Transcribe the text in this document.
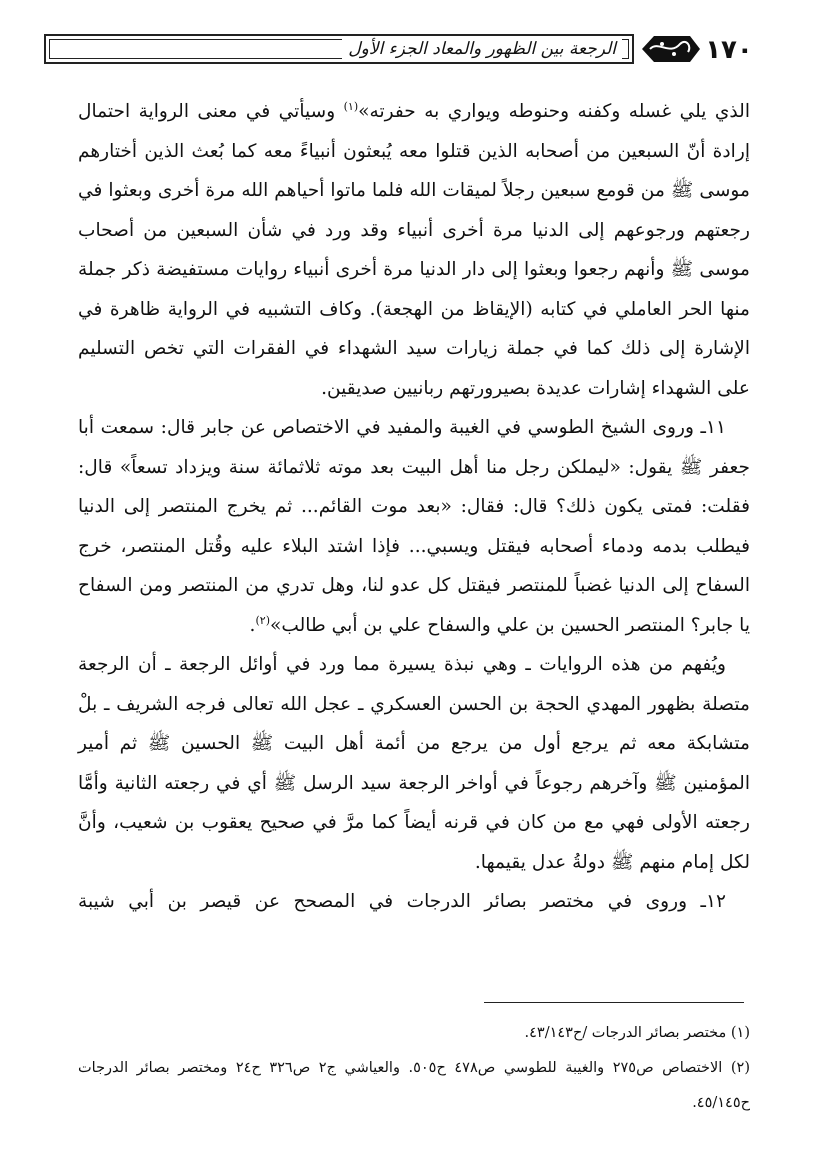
١٧٠
الرجعة بين الظهور والمعاد الجزء الأول

الذي يلي غسله وكفنه وحنوطه ويواري به حفرته»$^{(١)}$ وسيأتي في معنى الرواية احتمال إرادة أنّ السبعين من أصحابه الذين قتلوا معه يُبعثون أنبياءً معه كما بُعث الذين أختارهم موسى ﷺ من قومع سبعين رجلاً لميقات الله فلما ماتوا أحياهم الله مرة أخرى وبعثوا في رجعتهم ورجوعهم إلى الدنيا مرة أخرى أنبياء وقد ورد في شأن السبعين من أصحاب موسى ﷺ وأنهم رجعوا وبعثوا إلى دار الدنيا مرة أخرى أنبياء روايات مستفيضة ذكر جملة منها الحر العاملي في كتابه (الإيقاظ من الهجعة). وكاف التشبيه في الرواية ظاهرة في الإشارة إلى ذلك كما في جملة زيارات سيد الشهداء في الفقرات التي تخص التسليم على الشهداء إشارات عديدة بصيرورتهم ربانيين صديقين.

١١ـ وروى الشيخ الطوسي في الغيبة والمفيد في الاختصاص عن جابر قال: سمعت أبا جعفر ﷺ يقول: «ليملكن رجل منا أهل البيت بعد موته ثلاثمائة سنة ويزداد تسعاً» قال: فقلت: فمتى يكون ذلك؟ قال: فقال: «بعد موت القائم... ثم يخرج المنتصر إلى الدنيا فيطلب بدمه ودماء أصحابه فيقتل ويسبي... فإذا اشتد البلاء عليه وقُتل المنتصر، خرج السفاح إلى الدنيا غضباً للمنتصر فيقتل كل عدو لنا، وهل تدري من المنتصر ومن السفاح يا جابر؟ المنتصر الحسين بن علي والسفاح علي بن أبي طالب»$^{(٢)}$.

ويُفهم من هذه الروايات ـ وهي نبذة يسيرة مما ورد في أوائل الرجعة ـ أن الرجعة متصلة بظهور المهدي الحجة بن الحسن العسكري ـ عجل الله تعالى فرجه الشريف ـ بلْ متشابكة معه ثم يرجع أول من يرجع من أئمة أهل البيت ﷺ الحسين ﷺ ثم أمير المؤمنين ﷺ وآخرهم رجوعاً في أواخر الرجعة سيد الرسل ﷺ أي في رجعته الثانية وأمَّا رجعته الأولى فهي مع من كان في قرنه أيضاً كما مرَّ في صحيح يعقوب بن شعيب، وأنَّ لكل إمام منهم ﷺ دولةُ عدل يقيمها.

١٢ـ وروى في مختصر بصائر الدرجات في المصحح عن قيصر بن أبي شيبة

(١) مختصر بصائر الدرجات /ح٤٣/١٤٣.

(٢) الاختصاص ص٢٧٥ والغيبة للطوسي ص٤٧٨ ح٥٠٥. والعياشي ج٢ ص٣٢٦ ح٢٤ ومختصر بصائر الدرجات ح٤٥/١٤٥.
